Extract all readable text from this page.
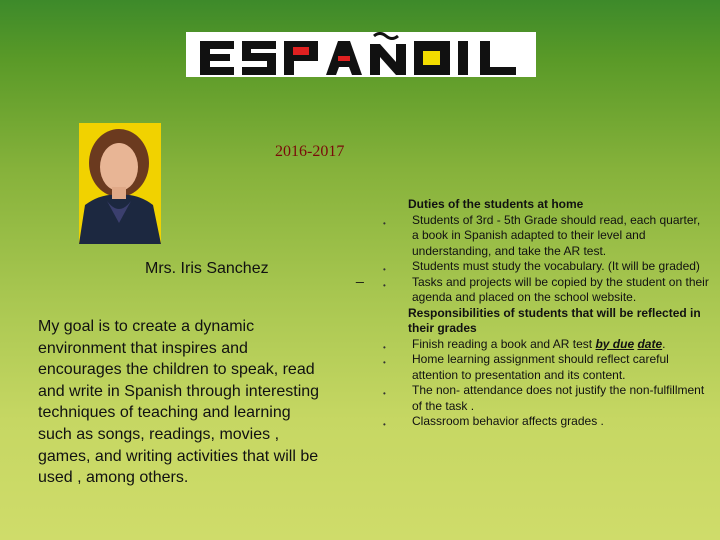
2016-2017
Mrs. Iris Sanchez	_
My goal is to create a dynamic environment that inspires and encourages the children to speak, read and write in Spanish through interesting techniques of teaching and learning such as songs, readings, movies , games, and writing activities that will be used , among others.
Duties of the students at home
• Students of 3rd - 5th Grade should read, each quarter, a book in Spanish adapted to their level and understanding, and take the AR test.
• Students must study the vocabulary. (It will be graded)
• Tasks and projects will be copied by the student on their agenda and placed on the school website.
Responsibilities of students that will be reflected in their grades
• Finish reading a book and AR test by due date.
• Home learning assignment should reflect careful attention to presentation and its content.
• The non- attendance does not justify the non-fulfillment of the task .
• Classroom behavior affects grades .
